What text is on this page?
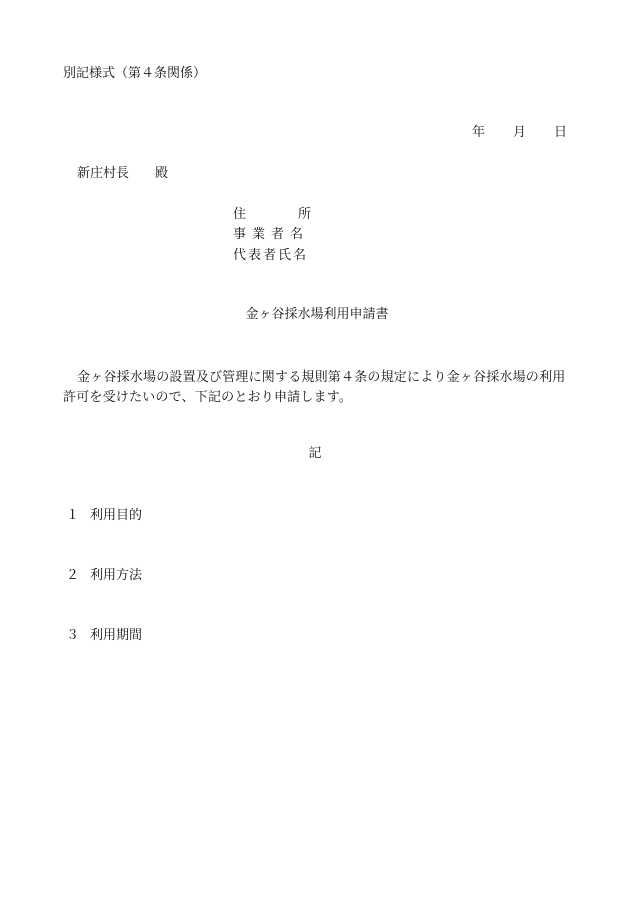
別記様式（第４条関係）
年 月 日
新庄村長 殿
住	所
事業者名
代表者氏名
金ヶ谷採水場利用申請書
金ヶ谷採水場の設置及び管理に関する規則第４条の規定により金ヶ谷採水場の利用許可を受けたいので、下記のとおり申請します。
記
１ 利用目的
２ 利用方法
３ 利用期間
